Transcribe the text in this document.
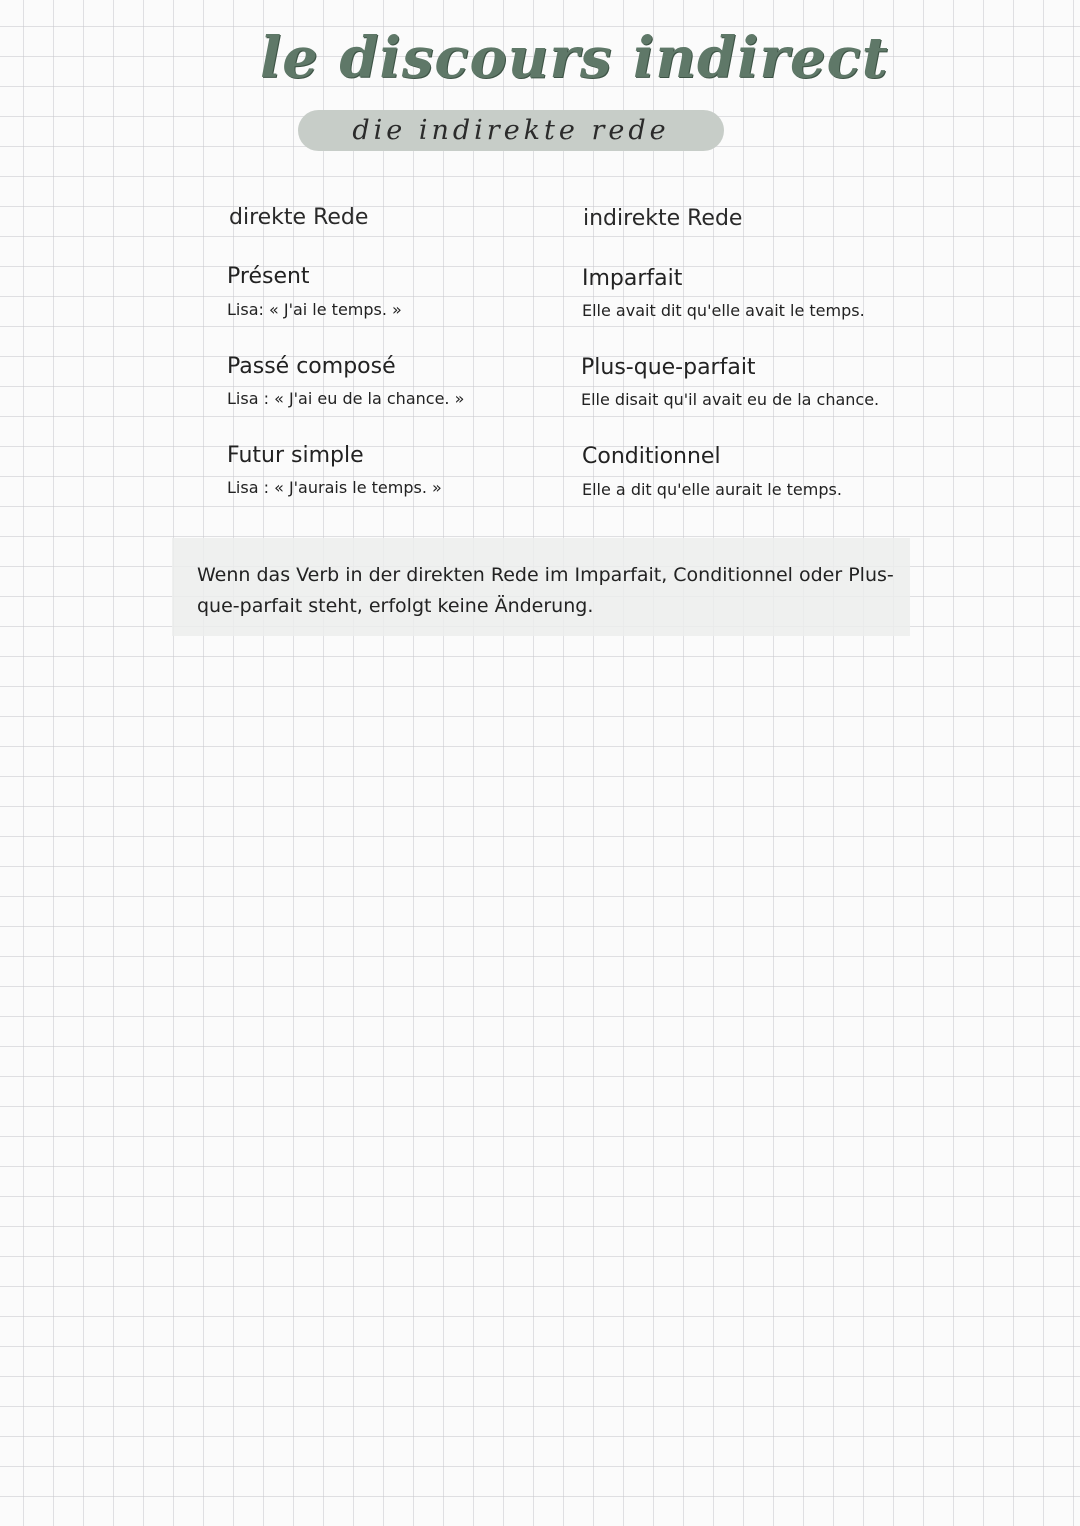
le discours indirect
die indirekte rede
direkte Rede	indirekte Rede
Présent
Lisa: « J'ai le temps. »
Imparfait
Elle avait dit qu'elle avait le temps.
Passé composé
Lisa : « J'ai eu de la chance. »
Plus-que-parfait
Elle disait qu'il avait eu de la chance.
Futur simple
Lisa : « J'aurais le temps. »
Conditionnel
Elle a dit qu'elle aurait le temps.
Wenn das Verb in der direkten Rede im Imparfait, Conditionnel oder Plus-que-parfait steht, erfolgt keine Änderung.
